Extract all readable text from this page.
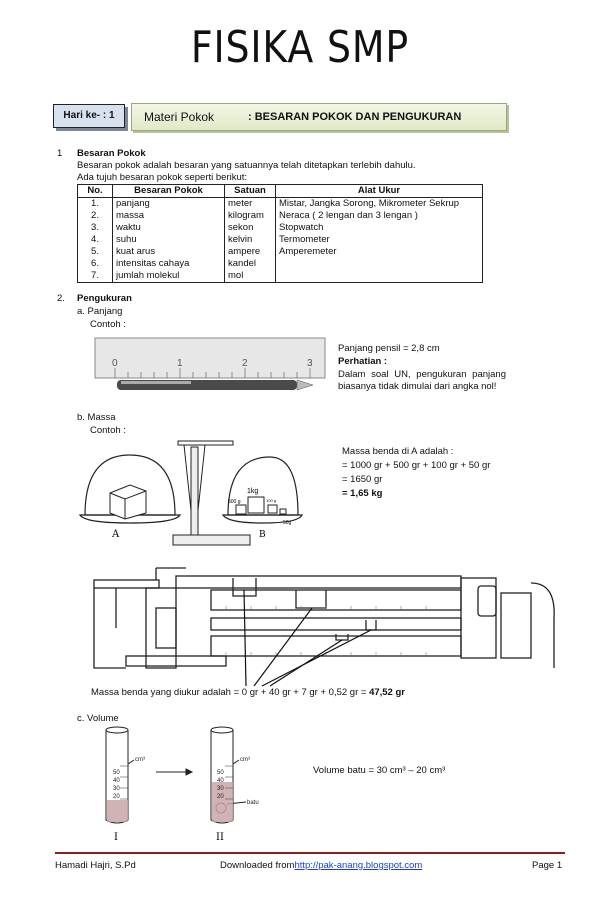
FISIKA SMP
Hari ke- : 1	Materi Pokok	: BESARAN POKOK DAN PENGUKURAN
1 Besaran Pokok
Besaran pokok adalah besaran yang satuannya telah ditetapkan terlebih dahulu.
Ada tujuh besaran pokok seperti berikut:
No.	Besaran Pokok	Satuan	Alat Ukur
1.	panjang	meter	Mistar, Jangka Sorong, Mikrometer Sekrup
2.	massa	kilogram	Neraca ( 2 lengan dan 3 lengan )
3.	waktu	sekon	Stopwatch
4.	suhu	kelvin	Termometer
5.	kuat arus	ampere	Amperemeter
6.	intensitas cahaya	kandel	
7.	jumlah molekul	mol	
2. Pengukuran
a. Panjang
Contoh :
0	1	2	3
Panjang pensil = 2,8 cm
Perhatian :
Dalam soal UN, pengukuran panjang biasanya tidak dimulai dari angka nol!
b. Massa
Contoh :
A	B
1kg
500 g	100 g
50g
Massa benda di A adalah :
= 1000 gr + 500 gr + 100 gr + 50 gr
= 1650 gr
= 1,65 kg
Massa benda yang diukur adalah = 0 gr + 40 gr + 7 gr + 0,52 gr = 47,52 gr
c. Volume
cm³	cm³
50
40
30
20
50
40
30
20
batu
I	II
Volume batu = 30 cm³ – 20 cm³
Hamadi Hajri, S.Pd	Downloaded fromhttp://pak-anang.blogspot.com	Page 1
